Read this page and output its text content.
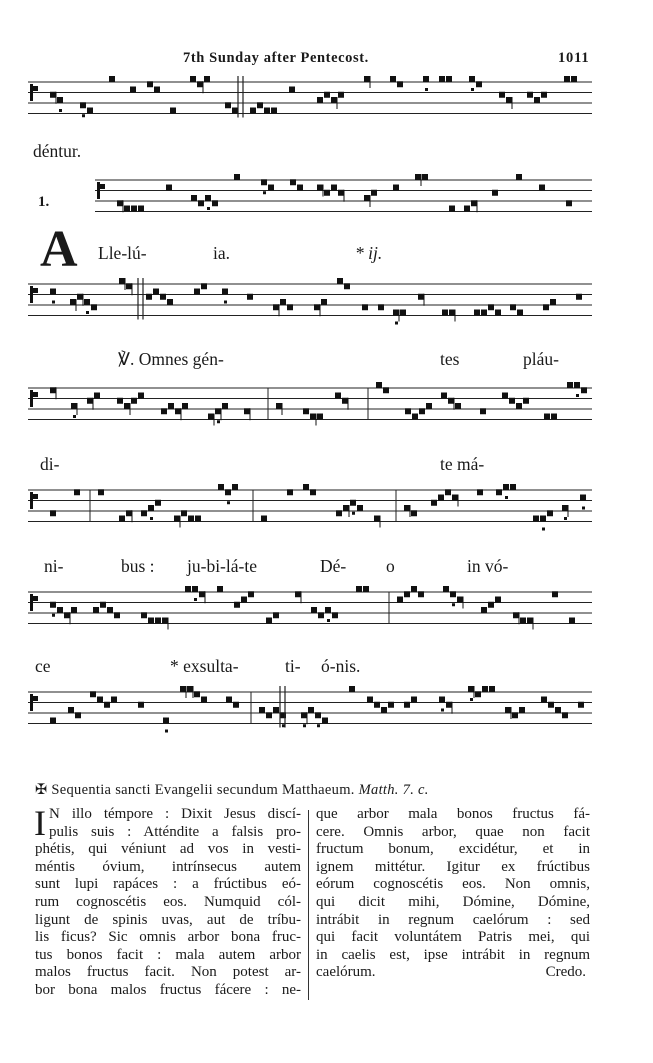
7th Sunday after Pentecost.	1011
déntur.
1.
A Lle-lú-	ia.	* ij.
℣. Omnes gén-	tes	pláu-
di-	te má-
ni-	bus : ju-bi-lá-te	Dé- o	in vó-
ce	* exsulta-	ti- ó-nis.
✠ Sequentia sancti Evangelii secundum Matthaeum. Matth. 7. c.
I N illo témpore : Dixit Jesus discí-
pulis suis : Atténdite a falsis pro-
phétis, qui véniunt ad vos in vesti-
méntis óvium, intrínsecus autem
sunt lupi rapáces : a frúctibus eó-
rum cognoscétis eos. Numquid cól-
ligunt de spinis uvas, aut de tríbu-
lis ficus? Sic omnis arbor bona fruc-
tus bonos facit : mala autem arbor
malos fructus facit. Non potest ar-
bor bona malos fructus fácere : ne-
que arbor mala bonos fructus fá-
cere. Omnis arbor, quae non facit
fructum bonum, excidétur, et in
ignem mittétur. Igitur ex frúctibus
eórum cognoscétis eos. Non omnis,
qui dicit mihi, Dómine, Dómine,
intrábit in regnum caelórum : sed
qui facit voluntátem Patris mei, qui
in caelis est, ipse intrábit in regnum
caelórum.	Credo.
